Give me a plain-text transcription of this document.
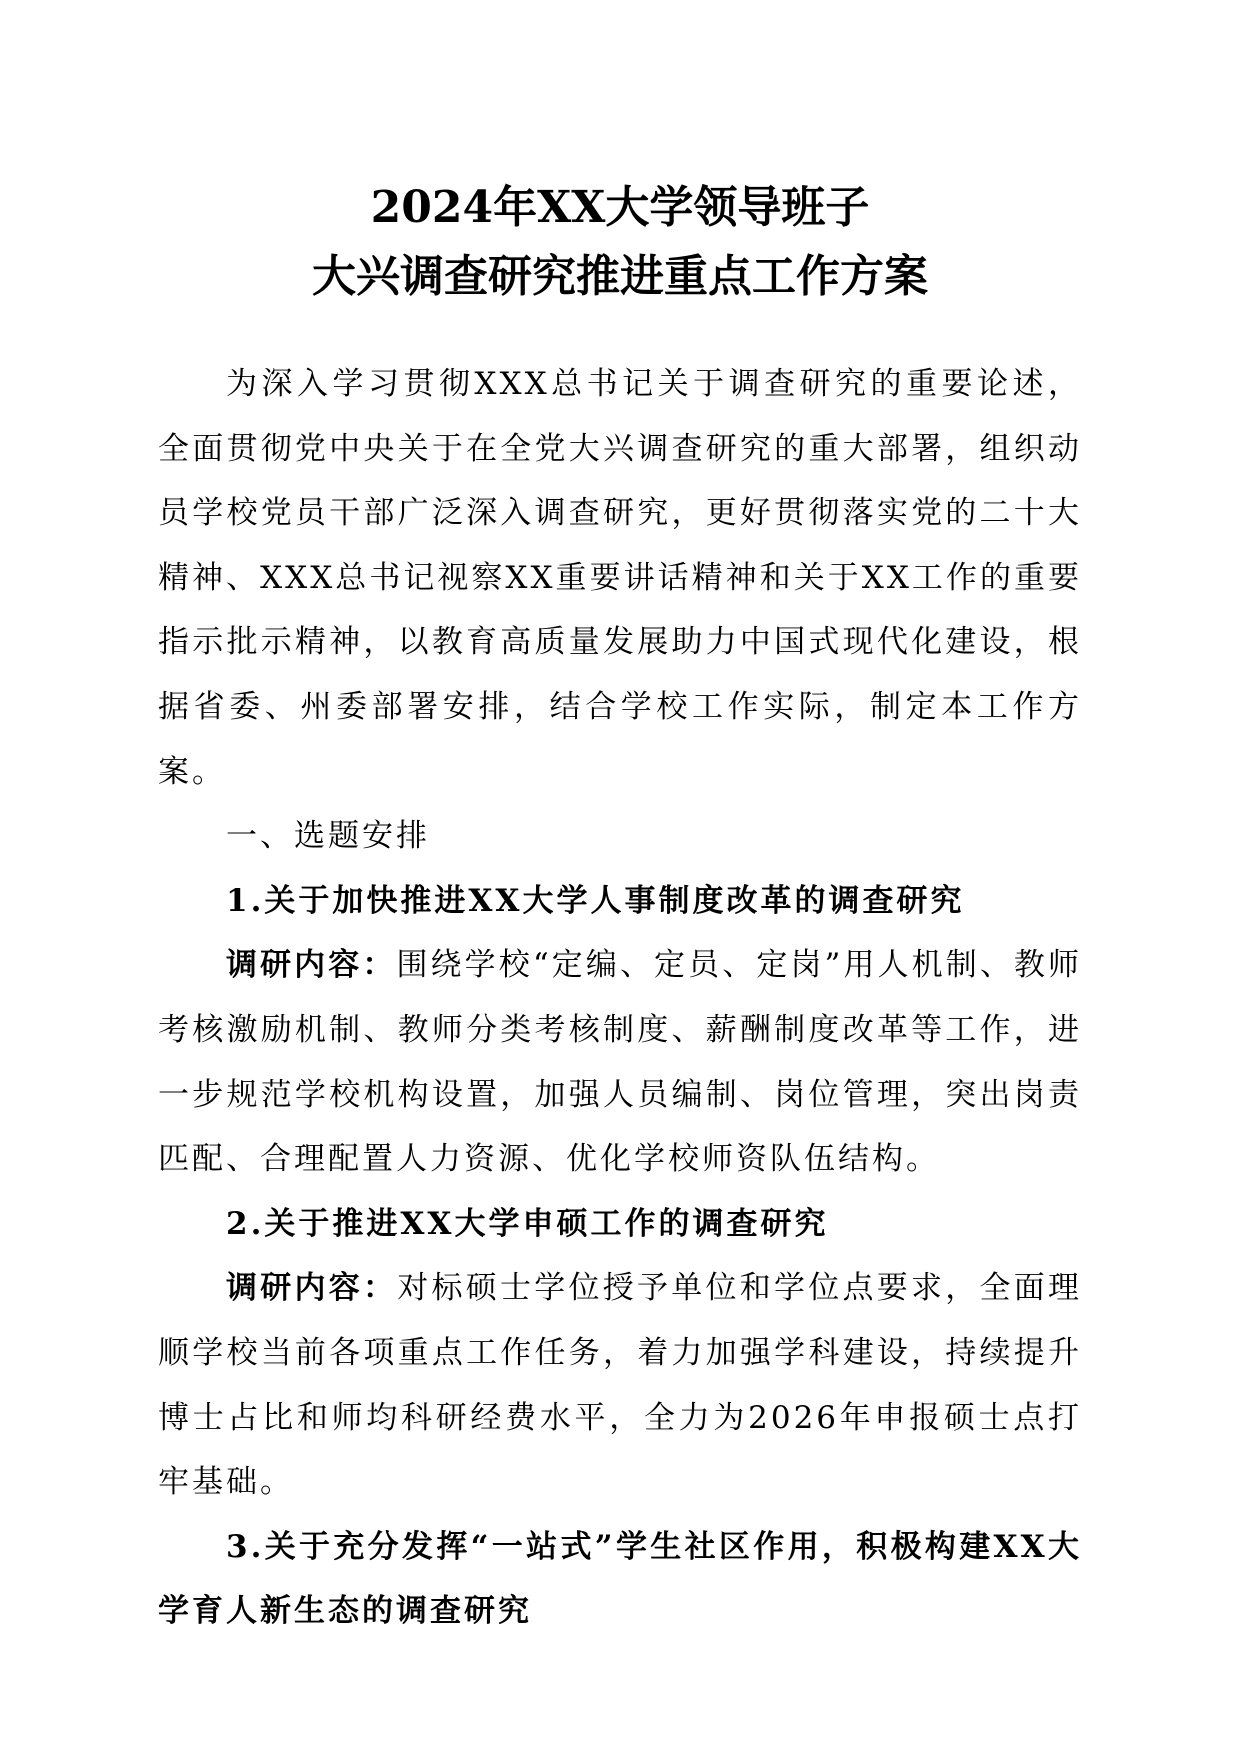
2024年XX大学领导班子
大兴调查研究推进重点工作方案

为深入学习贯彻XXX总书记关于调查研究的重要论述，全面贯彻党中央关于在全党大兴调查研究的重大部署，组织动员学校党员干部广泛深入调查研究，更好贯彻落实党的二十大精神、XXX总书记视察XX重要讲话精神和关于XX工作的重要指示批示精神，以教育高质量发展助力中国式现代化建设，根据省委、州委部署安排，结合学校工作实际，制定本工作方案。

一、选题安排

1.关于加快推进XX大学人事制度改革的调查研究

调研内容：围绕学校“定编、定员、定岗”用人机制、教师考核激励机制、教师分类考核制度、薪酬制度改革等工作，进一步规范学校机构设置，加强人员编制、岗位管理，突出岗责匹配、合理配置人力资源、优化学校师资队伍结构。

2.关于推进XX大学申硕工作的调查研究

调研内容：对标硕士学位授予单位和学位点要求，全面理顺学校当前各项重点工作任务，着力加强学科建设，持续提升博士占比和师均科研经费水平，全力为2026年申报硕士点打牢基础。

3.关于充分发挥“一站式”学生社区作用，积极构建XX大学育人新生态的调查研究
